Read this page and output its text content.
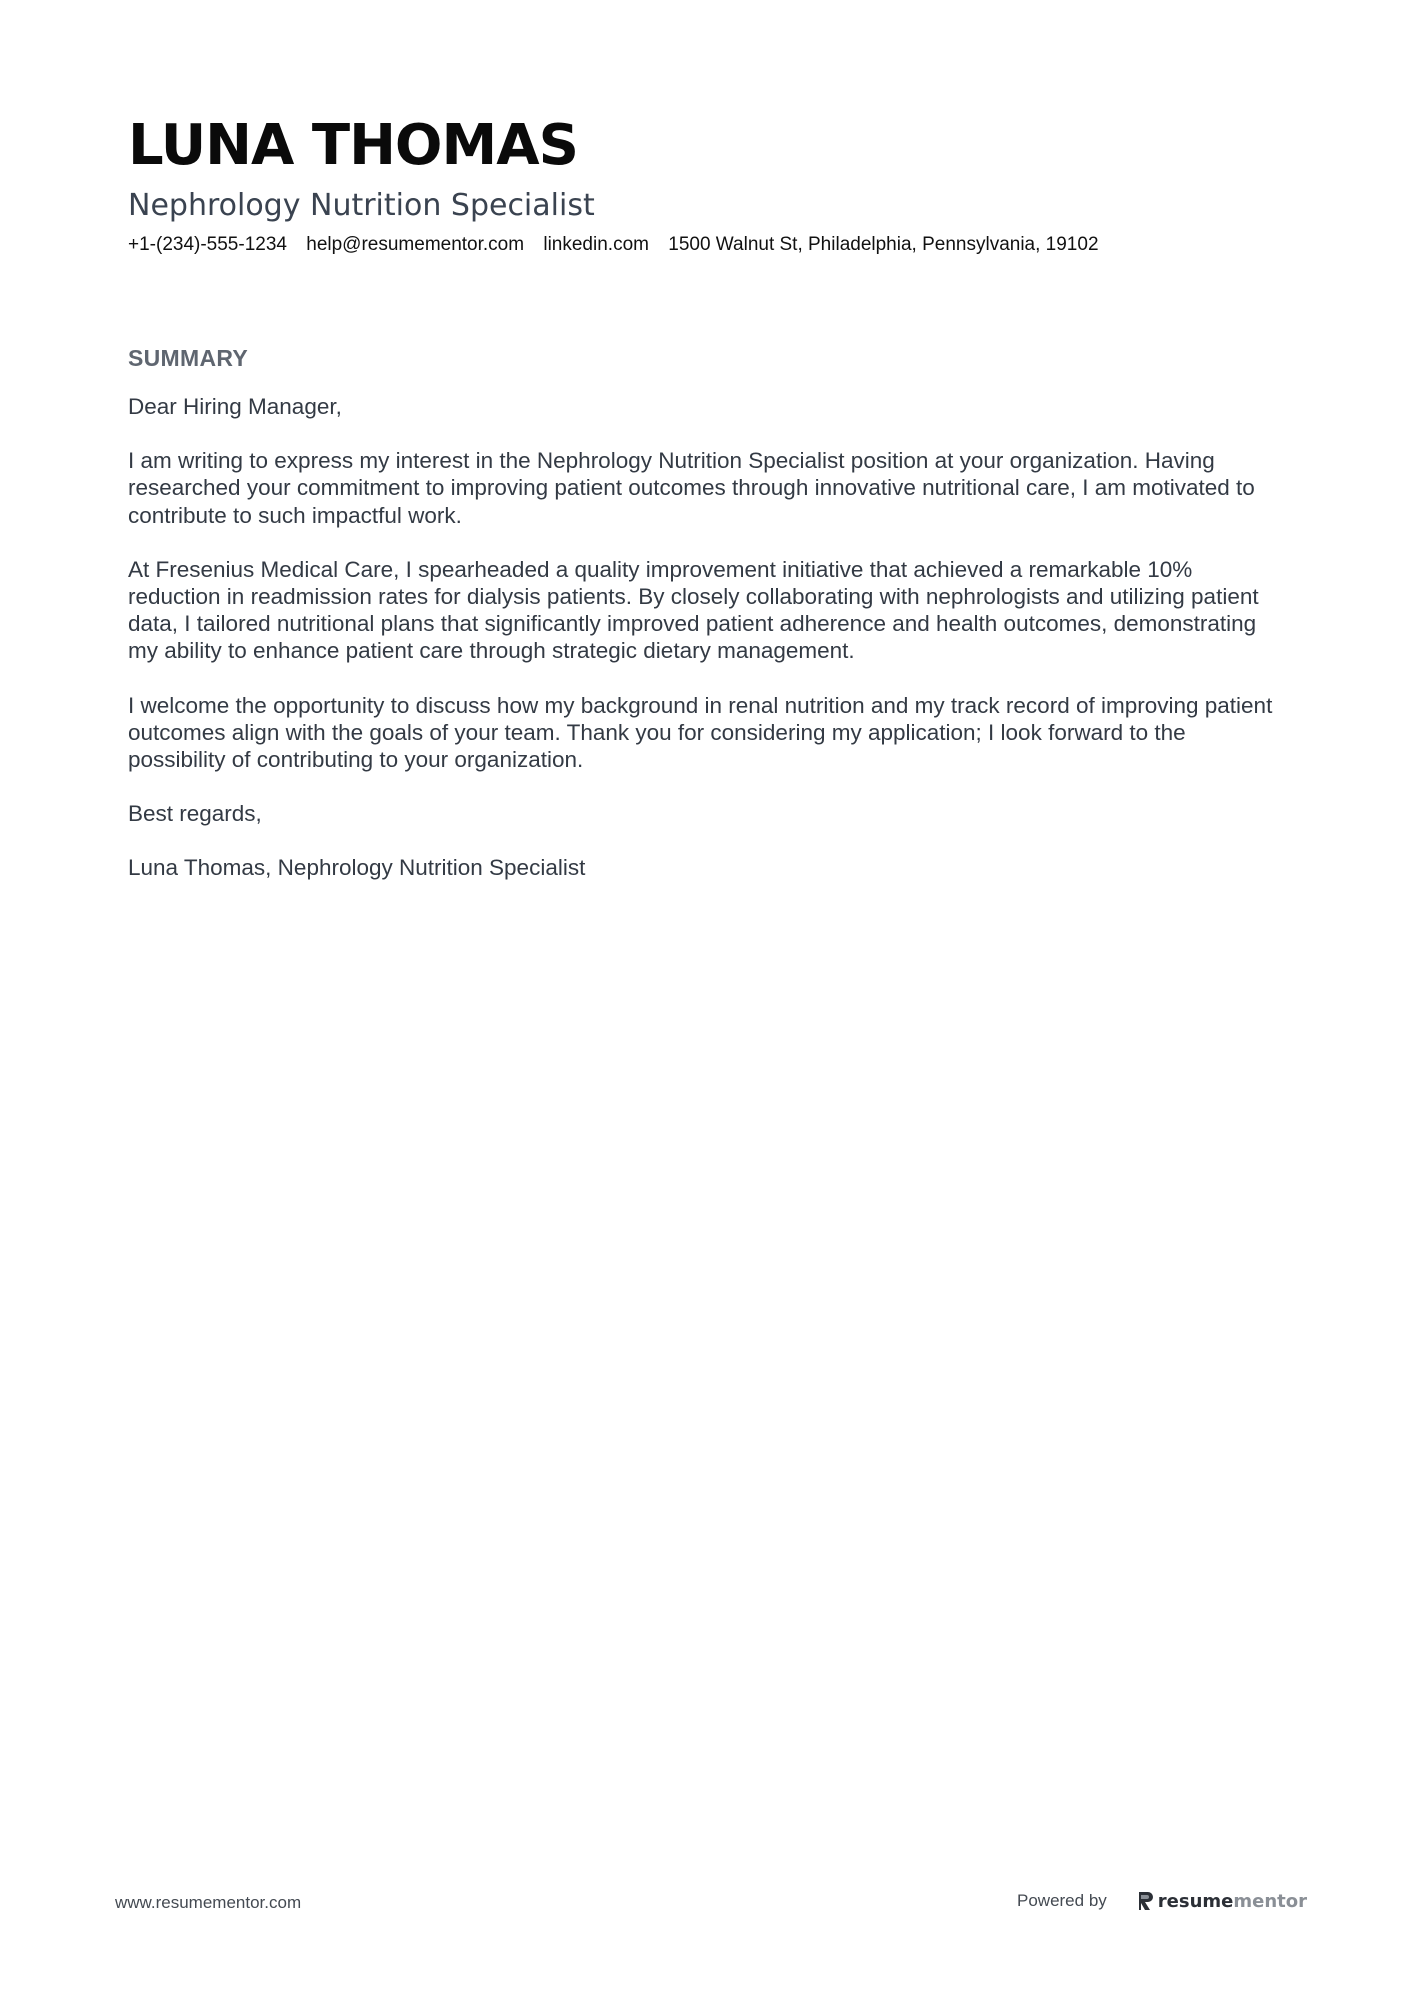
LUNA THOMAS
Nephrology Nutrition Specialist
+1-(234)-555-1234 help@resumementor.com linkedin.com 1500 Walnut St, Philadelphia, Pennsylvania, 19102
SUMMARY

Dear Hiring Manager,

I am writing to express my interest in the Nephrology Nutrition Specialist position at your organization. Having researched your commitment to improving patient outcomes through innovative nutritional care, I am motivated to contribute to such impactful work.

At Fresenius Medical Care, I spearheaded a quality improvement initiative that achieved a remarkable 10% reduction in readmission rates for dialysis patients. By closely collaborating with nephrologists and utilizing patient data, I tailored nutritional plans that significantly improved patient adherence and health outcomes, demonstrating my ability to enhance patient care through strategic dietary management.

I welcome the opportunity to discuss how my background in renal nutrition and my track record of improving patient outcomes align with the goals of your team. Thank you for considering my application; I look forward to the possibility of contributing to your organization.

Best regards,

Luna Thomas, Nephrology Nutrition Specialist

www.resumementor.com	Powered by	resume mentor
